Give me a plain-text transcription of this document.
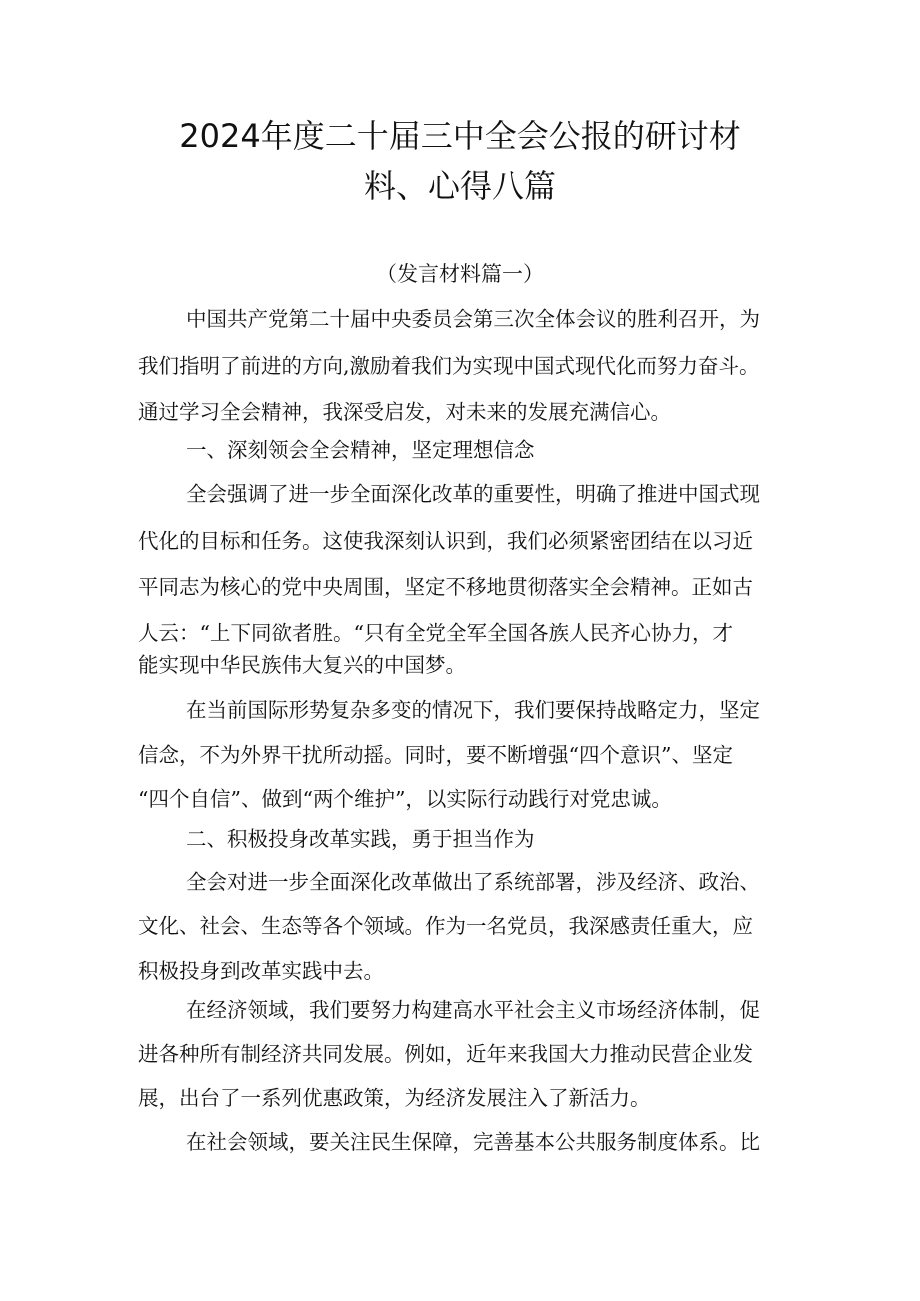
2024年度二十届三中全会公报的研讨材
料、心得八篇
（发言材料篇一）
中国共产党第二十届中央委员会第三次全体会议的胜利召开，为
我们指明了前进的方向,激励着我们为实现中国式现代化而努力奋斗。
通过学习全会精神，我深受启发，对未来的发展充满信心。
一、深刻领会全会精神，坚定理想信念
全会强调了进一步全面深化改革的重要性，明确了推进中国式现
代化的目标和任务。这使我深刻认识到，我们必须紧密团结在以习近
平同志为核心的党中央周围，坚定不移地贯彻落实全会精神。正如古
人云：“上下同欲者胜。“只有全党全军全国各族人民齐心协力，才
能实现中华民族伟大复兴的中国梦。
在当前国际形势复杂多变的情况下，我们要保持战略定力，坚定
信念，不为外界干扰所动摇。同时，要不断增强“四个意识”、坚定
“四个自信”、做到“两个维护”，以实际行动践行对党忠诚。
二、积极投身改革实践，勇于担当作为
全会对进一步全面深化改革做出了系统部署，涉及经济、政治、
文化、社会、生态等各个领域。作为一名党员，我深感责任重大，应
积极投身到改革实践中去。
在经济领域，我们要努力构建高水平社会主义市场经济体制，促
进各种所有制经济共同发展。例如，近年来我国大力推动民营企业发
展，出台了一系列优惠政策，为经济发展注入了新活力。
在社会领域，要关注民生保障，完善基本公共服务制度体系。比
